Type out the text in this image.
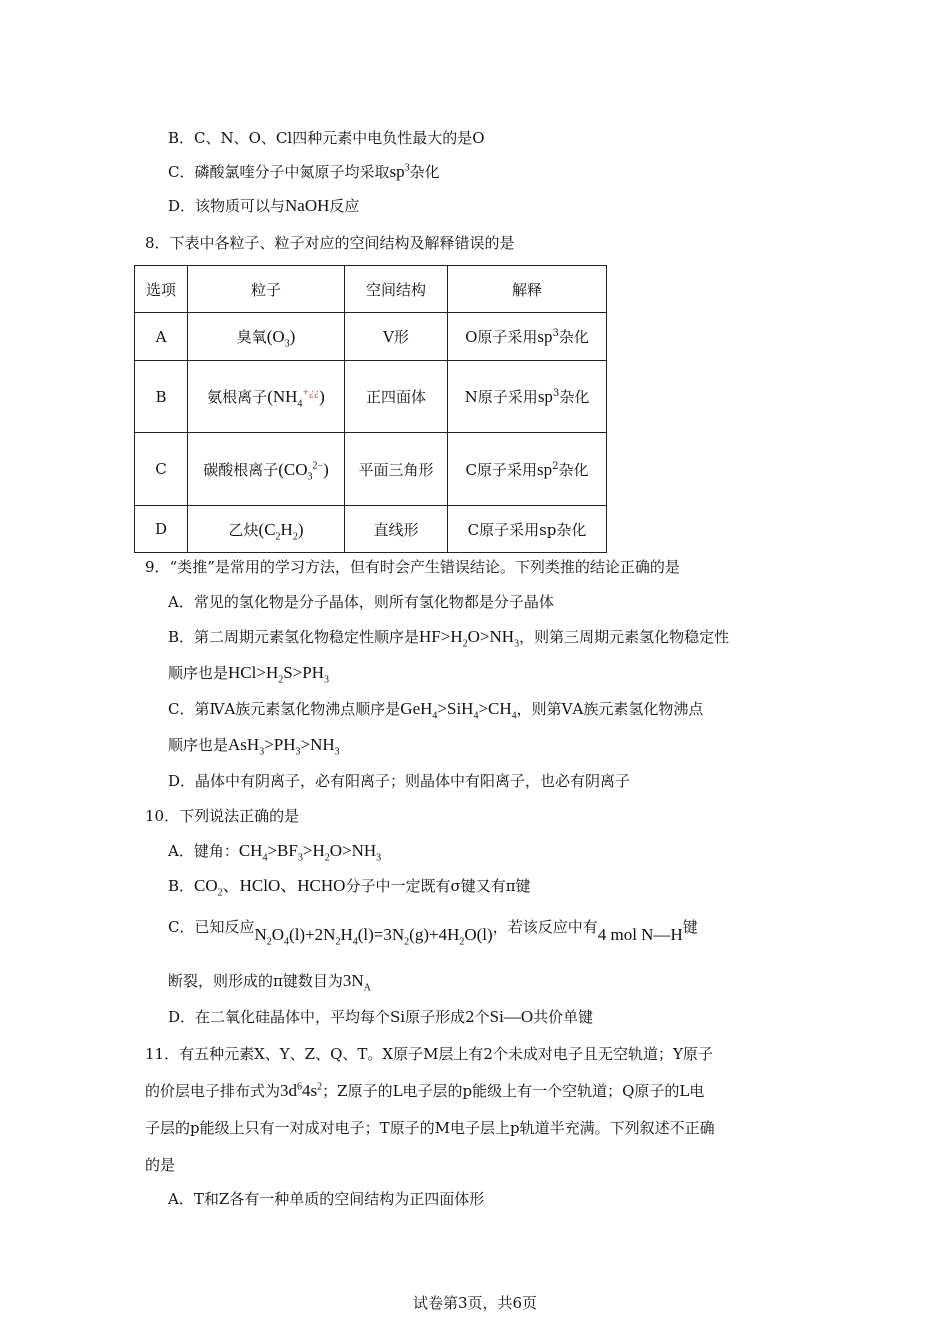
B．C、N、O、Cl四种元素中电负性最大的是O
C．磷酸氯喹分子中氮原子均采取$sp^3$杂化
D．该物质可以与NaOH反应
8．下表中各粒子、粒子对应的空间结构及解释错误的是
选项	粒子	空间结构	解释
A	臭氧$(O_3)$	V形	O原子采用$sp^3$杂化
B	氨根离子$(NH_4^{+¿¿})$	正四面体	N原子采用$sp^3$杂化
C	碳酸根离子$(CO_3^{2-})$	平面三角形	C原子采用$sp^2$杂化
D	乙炔$(C_2H_2)$	直线形	C原子采用sp杂化
9．“类推”是常用的学习方法，但有时会产生错误结论。下列类推的结论正确的是
A．常见的氢化物是分子晶体，则所有氢化物都是分子晶体
B．第二周期元素氢化物稳定性顺序是$HF>H_2O>NH_3$，则第三周期元素氢化物稳定性
顺序也是$HCl>H_2S>PH_3$
C．第ⅣA族元素氢化物沸点顺序是$GeH_4>SiH_4>CH_4$，则第ⅤA族元素氢化物沸点
顺序也是$AsH_3>PH_3>NH_3$
D．晶体中有阴离子，必有阳离子；则晶体中有阳离子，也必有阴离子
10．下列说法正确的是
A．键角：$CH_4>BF_3>H_2O>NH_3$
B．$CO_2$、HClO、HCHO分子中一定既有σ键又有π键
C．已知反应$N_2O_4(l)+2N_2H_4(l)=3N_2(g)+4H_2O(l)$，若该反应中有4 mol N—H键
断裂，则形成的π键数目为$3N_A$
D．在二氧化硅晶体中，平均每个Si原子形成2个Si—O共价单键
11．有五种元素X、Y、Z、Q、T。X原子M层上有2个未成对电子且无空轨道；Y原子
的价层电子排布式为$3d^64s^2$；Z原子的L电子层的p能级上有一个空轨道；Q原子的L电
子层的p能级上只有一对成对电子；T原子的M电子层上p轨道半充满。下列叙述不正确
的是
A．T和Z各有一种单质的空间结构为正四面体形
试卷第3页，共6页
